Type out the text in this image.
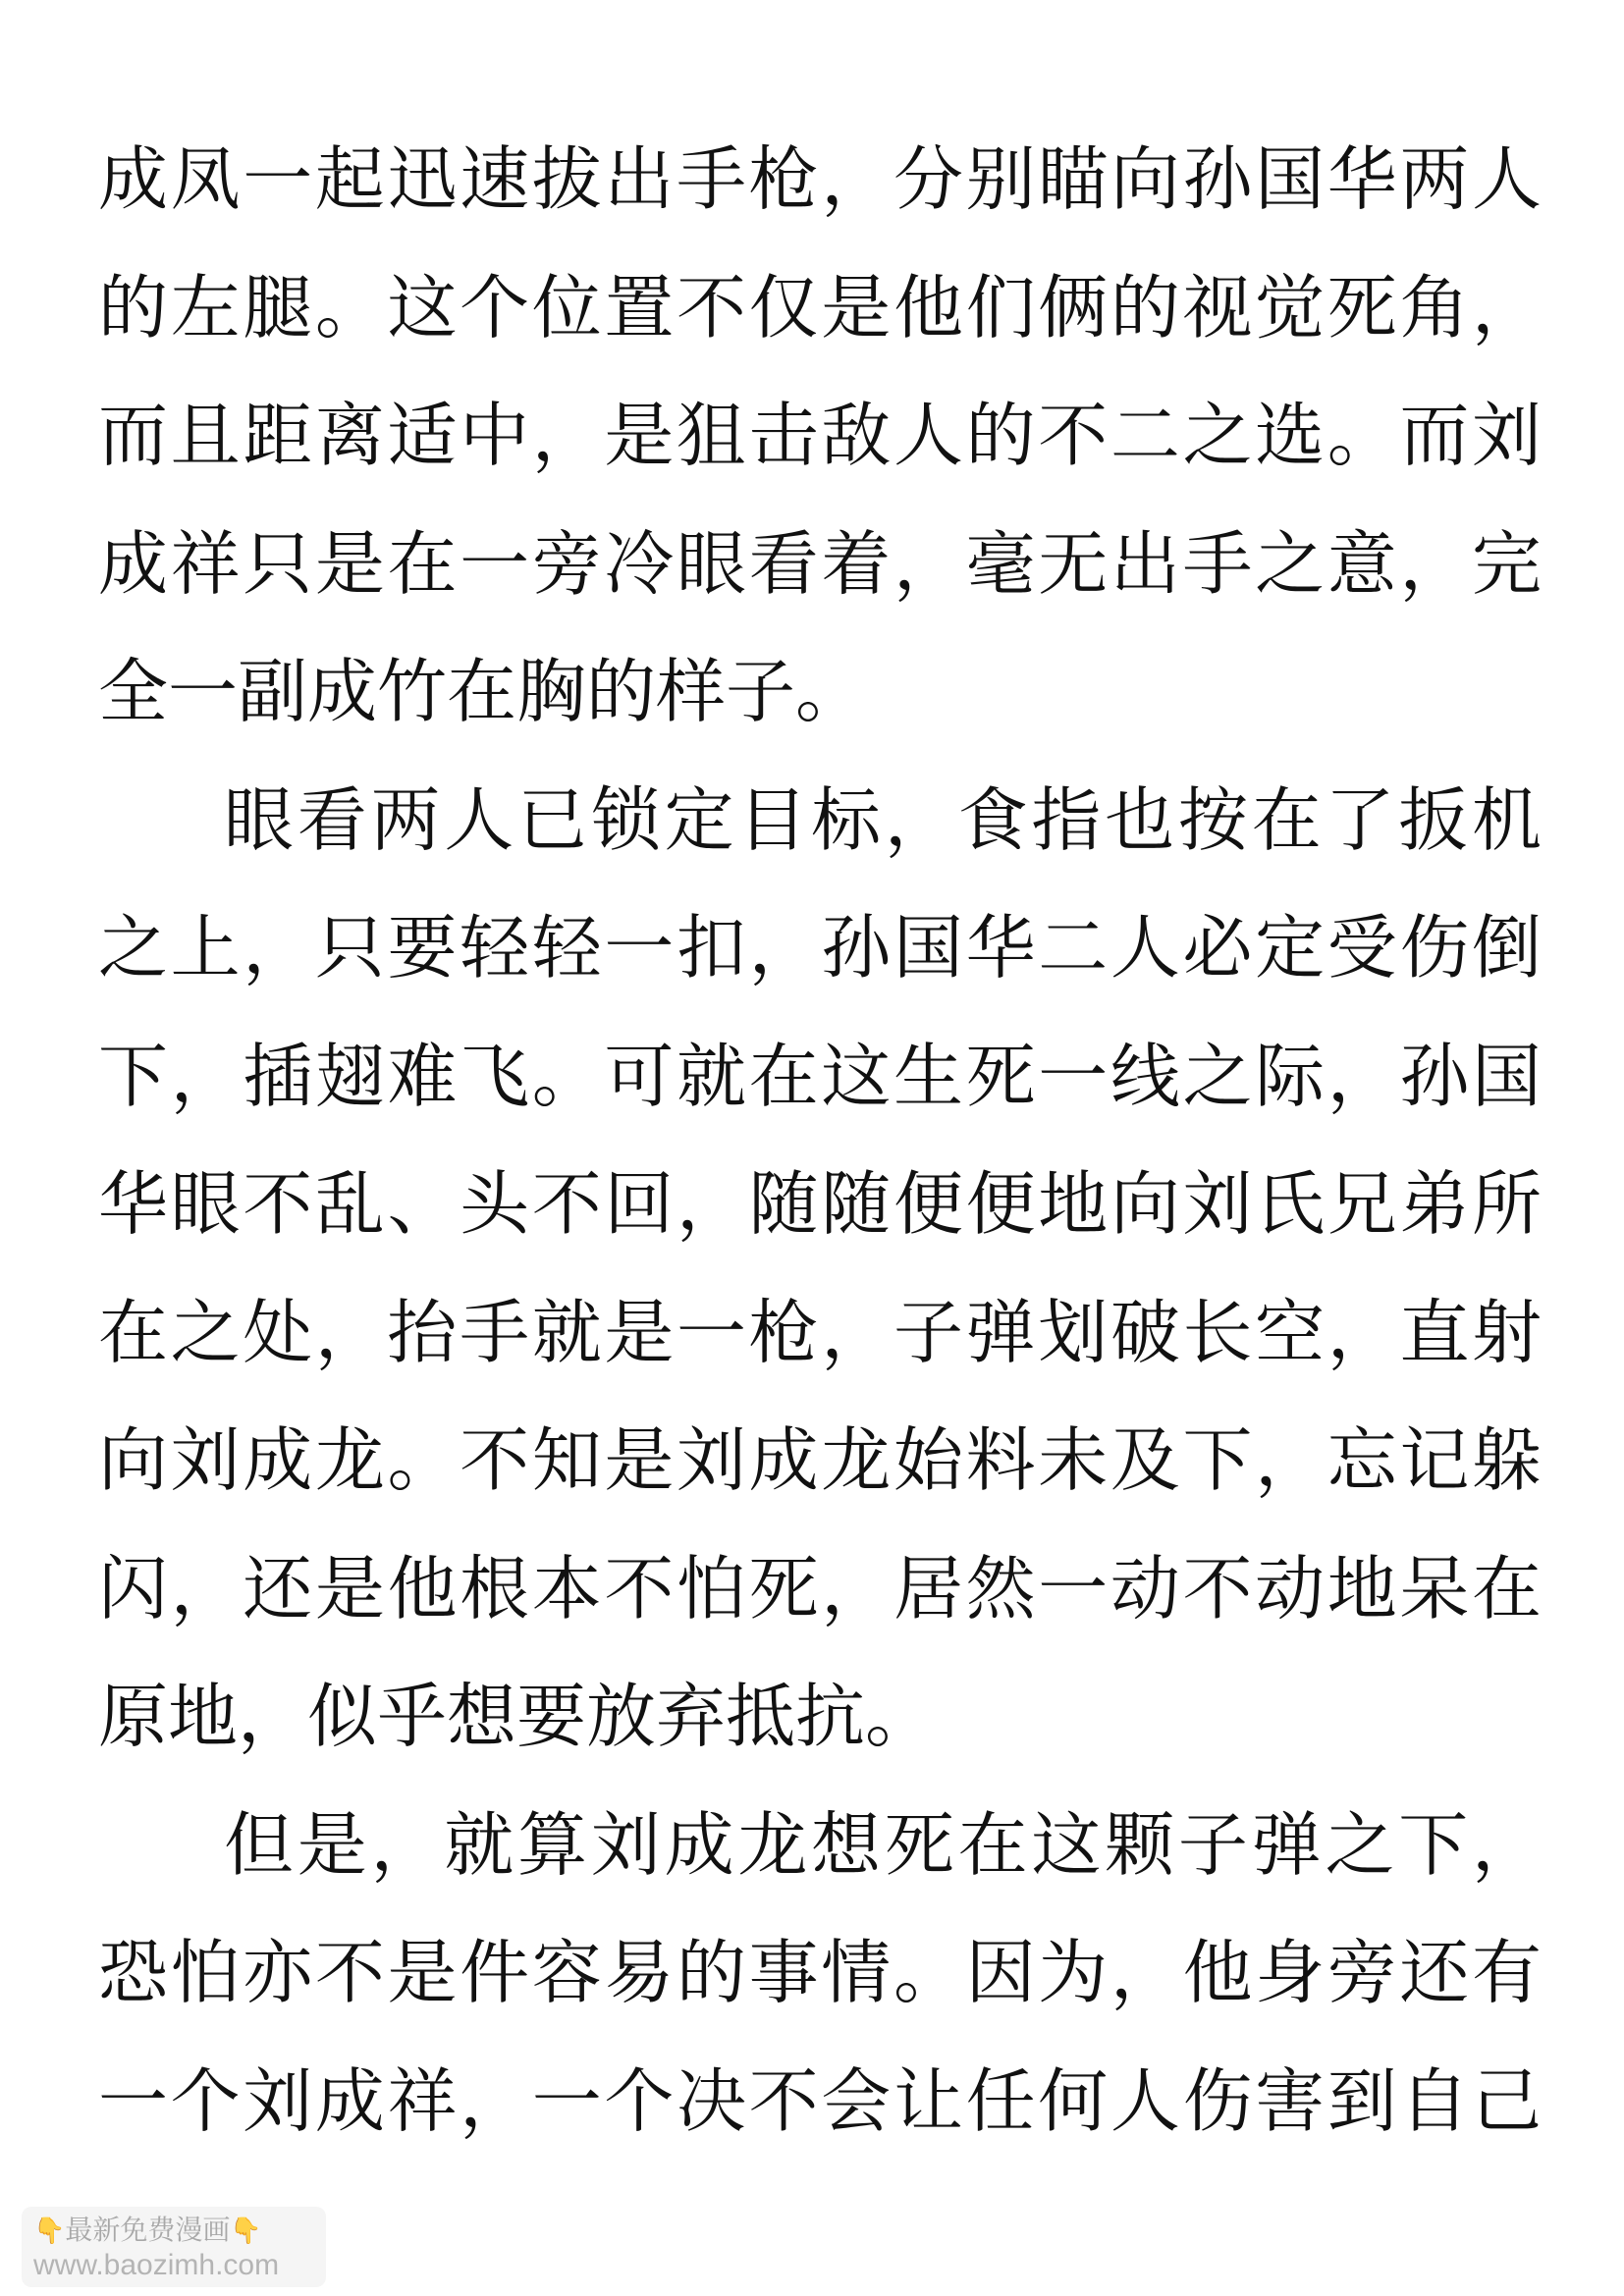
成凤一起迅速拔出手枪，分别瞄向孙国华两人
的左腿。这个位置不仅是他们俩的视觉死角，
而且距离适中，是狙击敌人的不二之选。而刘
成祥只是在一旁冷眼看着，毫无出手之意，完
全一副成竹在胸的样子。
眼看两人已锁定目标，食指也按在了扳机
之上，只要轻轻一扣，孙国华二人必定受伤倒
下，插翅难飞。可就在这生死一线之际，孙国
华眼不乱、头不回，随随便便地向刘氏兄弟所
在之处，抬手就是一枪，子弹划破长空，直射
向刘成龙。不知是刘成龙始料未及下，忘记躲
闪，还是他根本不怕死，居然一动不动地呆在
原地，似乎想要放弃抵抗。
但是，就算刘成龙想死在这颗子弹之下，
恐怕亦不是件容易的事情。因为，他身旁还有
一个刘成祥，一个决不会让任何人伤害到自己
👇最新免费漫画👇
www.baozimh.com
